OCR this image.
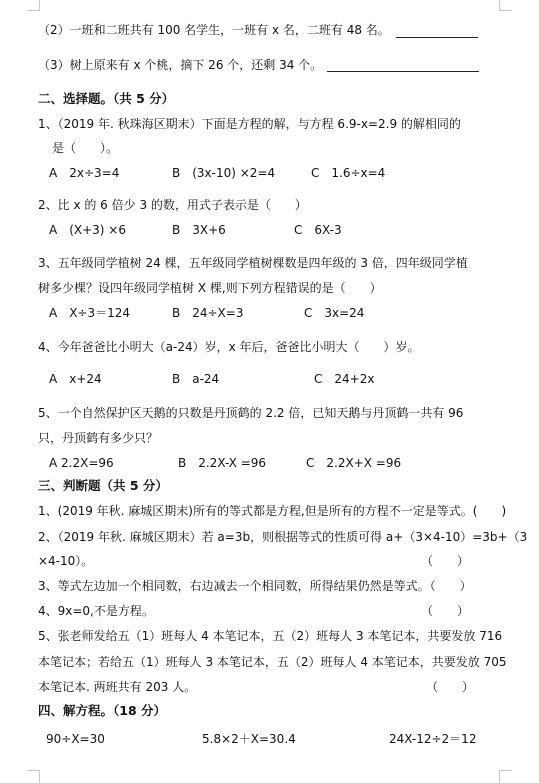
（2）一班和二班共有 100 名学生，一班有 x 名，二班有 48 名。
（3）树上原来有 x 个桃，摘下 26 个，还剩 34 个。
二、选择题。（共 5 分）
1、（2019 年. 秋珠海区期末）下面是方程的解，与方程 6.9-x=2.9 的解相同的
是（　　）。
A　2x÷3=4	B　(3x-10) ×2=4	C　1.6÷x=4
2、比 x 的 6 倍少 3 的数，用式子表示是（　　）
A　(X+3) ×6	B　3X+6	C　6X-3
3、五年级同学植树 24 棵，五年级同学植树棵数是四年级的 3 倍，四年级同学植
树多少棵？设四年级同学植树 X 棵,则下列方程错误的是（　　）
A　X÷3＝124	B　24÷X=3	C　3x=24
4、今年爸爸比小明大（a-24）岁，x 年后，爸爸比小明大（　　）岁。
A　x+24	B　a-24	C　24+2x
5、一个自然保护区天鹅的只数是丹顶鹤的 2.2 倍，已知天鹅与丹顶鹤一共有 96
只，丹顶鹤有多少只？
A 2.2X=96	B　2.2X-X =96	C　2.2X+X =96
三、判断题（共 5 分）
1、(2019 年秋. 麻城区期末)所有的等式都是方程,但是所有的方程不一定是等式。(　　)
2、（2019 年秋. 麻城区期末）若 a=3b，则根据等式的性质可得 a+（3×4-10）=3b+（3
×4-10）。	（　　）
3、等式左边加一个相同数，右边减去一个相同数，所得结果仍然是等式。（　　）
4、9x=0,不是方程。	（　　）
5、张老师发给五（1）班每人 4 本笔记本，五（2）班每人 3 本笔记本，共要发放 716
本笔记本；若给五（1）班每人 3 本笔记本，五（2）班每人 4 本笔记本，共要发放 705
本笔记本. 两班共有 203 人。	（　　）
四、解方程。（18 分）
90÷X=30	5.8×2＋X=30.4	24X-12÷2＝12
